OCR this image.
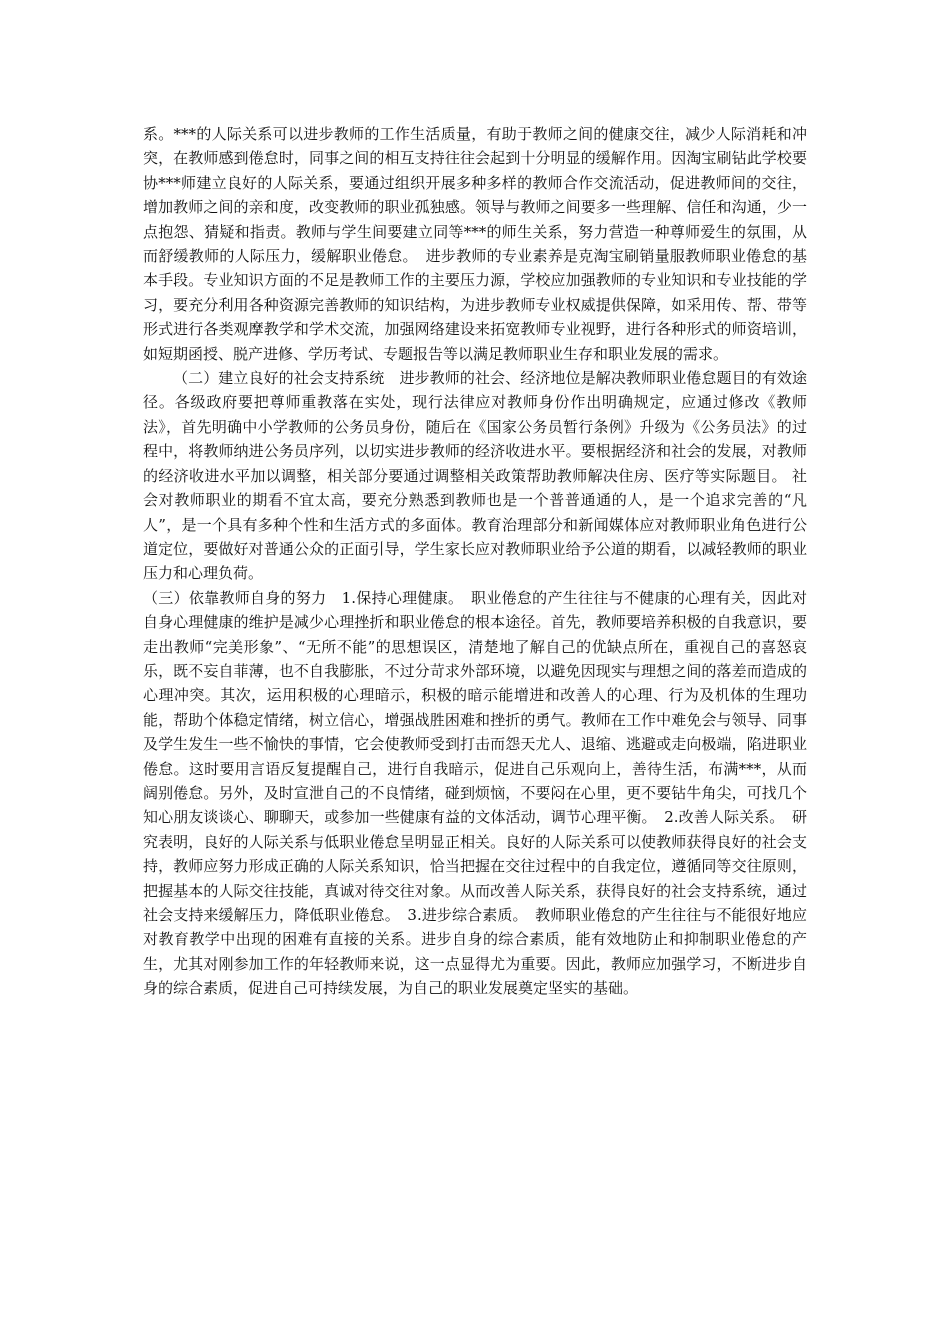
系。***的人际关系可以进步教师的工作生活质量，有助于教师之间的健康交往，减少人际消耗和冲突，在教师感到倦怠时，同事之间的相互支持往往会起到十分明显的缓解作用。因淘宝刷钻此学校要协***师建立良好的人际关系，要通过组织开展多种多样的教师合作交流活动，促进教师间的交往，增加教师之间的亲和度，改变教师的职业孤独感。领导与教师之间要多一些理解、信任和沟通，少一点抱怨、猜疑和指责。教师与学生间要建立同等***的师生关系，努力营造一种尊师爱生的氛围，从而舒缓教师的人际压力，缓解职业倦怠。　进步教师的专业素养是克淘宝刷销量服教师职业倦怠的基本手段。专业知识方面的不足是教师工作的主要压力源，学校应加强教师的专业知识和专业技能的学习，要充分利用各种资源完善教师的知识结构，为进步教师专业权威提供保障，如采用传、帮、带等形式进行各类观摩教学和学术交流，加强网络建设来拓宽教师专业视野，进行各种形式的师资培训，如短期函授、脱产进修、学历考试、专题报告等以满足教师职业生存和职业发展的需求。

（二）建立良好的社会支持系统　进步教师的社会、经济地位是解决教师职业倦怠题目的有效途径。各级政府要把尊师重教落在实处，现行法律应对教师身份作出明确规定，应通过修改《教师法》，首先明确中小学教师的公务员身份，随后在《国家公务员暂行条例》升级为《公务员法》的过程中，将教师纳进公务员序列，以切实进步教师的经济收进水平。要根据经济和社会的发展，对教师的经济收进水平加以调整，相关部分要通过调整相关政策帮助教师解决住房、医疗等实际题目。 社会对教师职业的期看不宜太高，要充分熟悉到教师也是一个普普通通的人，是一个追求完善的“凡人”，是一个具有多种个性和生活方式的多面体。教育治理部分和新闻媒体应对教师职业角色进行公道定位，要做好对普通公众的正面引导，学生家长应对教师职业给予公道的期看，以减轻教师的职业压力和心理负荷。

（三）依靠教师自身的努力　1.保持心理健康。　职业倦怠的产生往往与不健康的心理有关，因此对自身心理健康的维护是减少心理挫折和职业倦怠的根本途径。首先，教师要培养积极的自我意识，要走出教师“完美形象”、“无所不能”的思想误区，清楚地了解自己的优缺点所在，重视自己的喜怒哀乐，既不妄自菲薄，也不自我膨胀，不过分苛求外部环境，以避免因现实与理想之间的落差而造成的心理冲突。其次，运用积极的心理暗示，积极的暗示能增进和改善人的心理、行为及机体的生理功能，帮助个体稳定情绪，树立信心，增强战胜困难和挫折的勇气。教师在工作中难免会与领导、同事及学生发生一些不愉快的事情，它会使教师受到打击而怨天尤人、退缩、逃避或走向极端，陷进职业倦怠。这时要用言语反复提醒自己，进行自我暗示，促进自己乐观向上，善待生活，布满***，从而阔别倦怠。另外，及时宣泄自己的不良情绪，碰到烦恼，不要闷在心里，更不要钻牛角尖，可找几个知心朋友谈谈心、聊聊天，或参加一些健康有益的文体活动，调节心理平衡。　2.改善人际关系。　研究表明，良好的人际关系与低职业倦怠呈明显正相关。良好的人际关系可以使教师获得良好的社会支持，教师应努力形成正确的人际关系知识，恰当把握在交往过程中的自我定位，遵循同等交往原则，把握基本的人际交往技能，真诚对待交往对象。从而改善人际关系，获得良好的社会支持系统，通过社会支持来缓解压力，降低职业倦怠。　3.进步综合素质。　教师职业倦怠的产生往往与不能很好地应对教育教学中出现的困难有直接的关系。进步自身的综合素质，能有效地防止和抑制职业倦怠的产生，尤其对刚参加工作的年轻教师来说，这一点显得尤为重要。因此，教师应加强学习，不断进步自身的综合素质，促进自己可持续发展，为自己的职业发展奠定坚实的基础。
